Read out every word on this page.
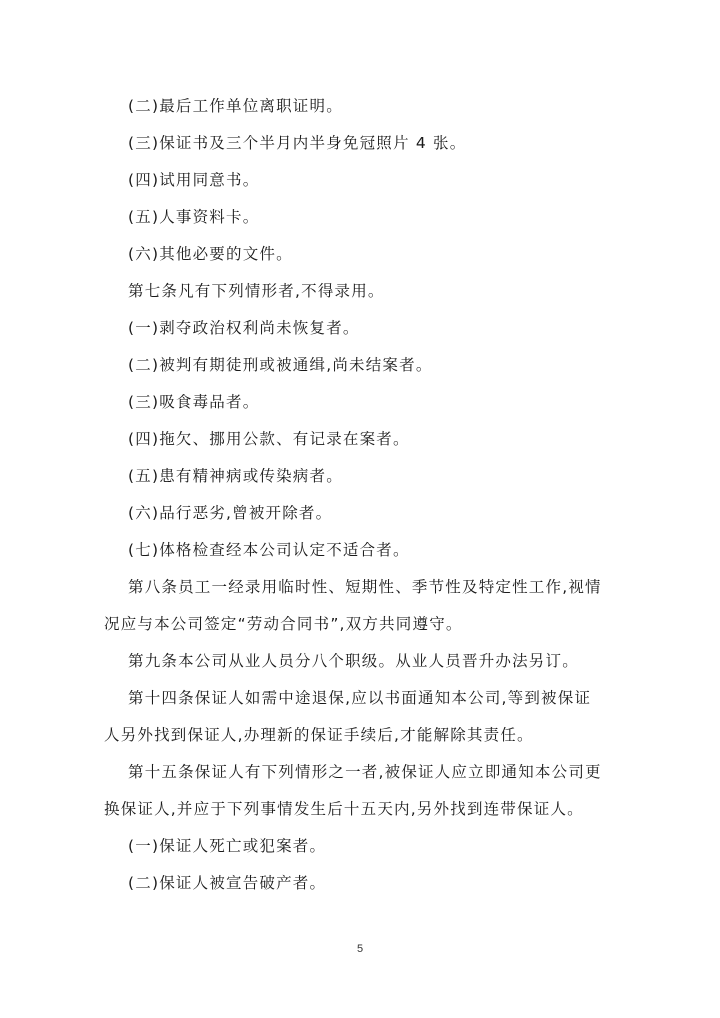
(二)最后工作单位离职证明。

(三)保证书及三个半月内半身免冠照片 4 张。

(四)试用同意书。

(五)人事资料卡。

(六)其他必要的文件。

第七条凡有下列情形者,不得录用。

(一)剥夺政治权利尚未恢复者。

(二)被判有期徒刑或被通缉,尚未结案者。

(三)吸食毒品者。

(四)拖欠、挪用公款、有记录在案者。

(五)患有精神病或传染病者。

(六)品行恶劣,曾被开除者。

(七)体格检查经本公司认定不适合者。

第八条员工一经录用临时性、短期性、季节性及特定性工作,视情

况应与本公司签定“劳动合同书”,双方共同遵守。

第九条本公司从业人员分八个职级。从业人员晋升办法另订。

第十四条保证人如需中途退保,应以书面通知本公司,等到被保证

人另外找到保证人,办理新的保证手续后,才能解除其责任。

第十五条保证人有下列情形之一者,被保证人应立即通知本公司更

换保证人,并应于下列事情发生后十五天内,另外找到连带保证人。

(一)保证人死亡或犯案者。

(二)保证人被宣告破产者。

5
